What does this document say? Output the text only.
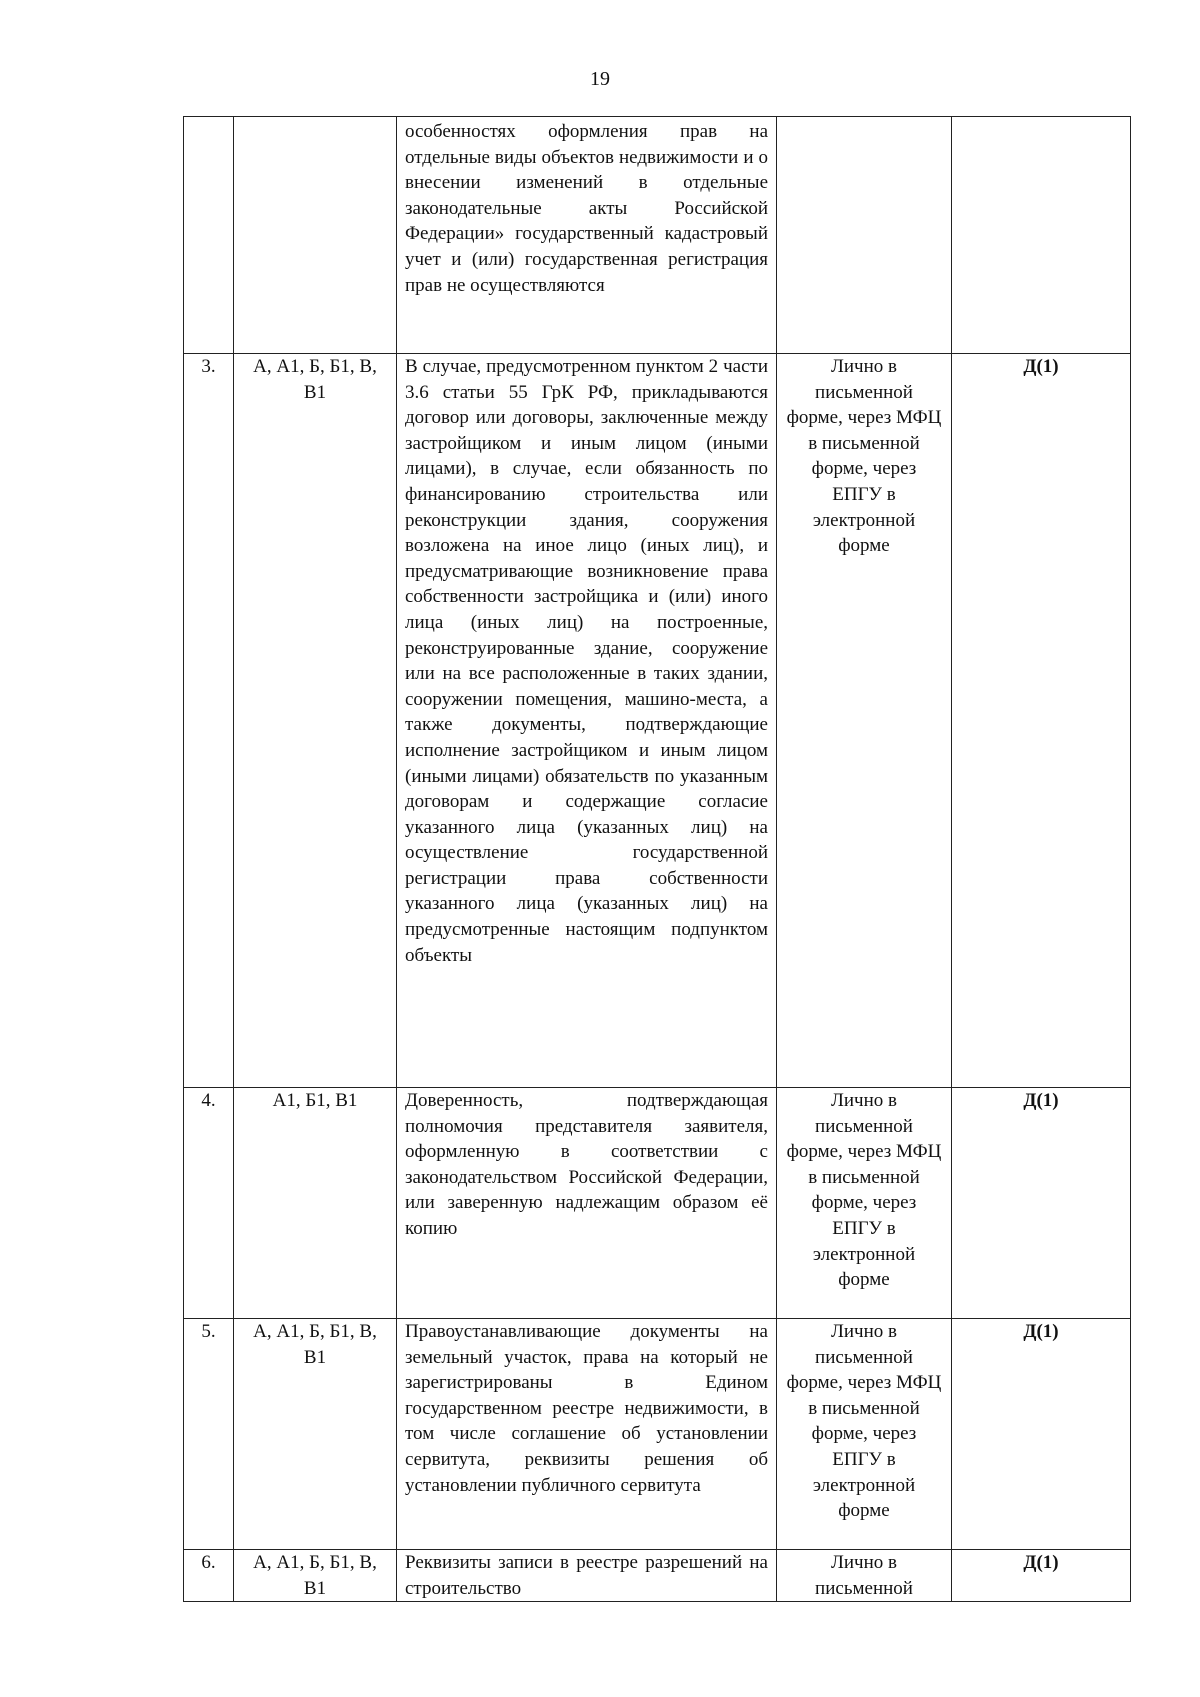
19
		особенностях оформления прав на отдельные виды объектов недвижимости и о внесении изменений в отдельные законодательные акты Российской Федерации» государственный кадастровый учет и (или) государственная регистрация прав не осуществляются		
3.	А, А1, Б, Б1, В, В1	В случае, предусмотренном пунктом 2 части 3.6 статьи 55 ГрК РФ, прикладываются договор или договоры, заключенные между застройщиком и иным лицом (иными лицами), в случае, если обязанность по финансированию строительства или реконструкции здания, сооружения возложена на иное лицо (иных лиц), и предусматривающие возникновение права собственности застройщика и (или) иного лица (иных лиц) на построенные, реконструированные здание, сооружение или на все расположенные в таких здании, сооружении помещения, машино-места, а также документы, подтверждающие исполнение застройщиком и иным лицом (иными лицами) обязательств по указанным договорам и содержащие согласие указанного лица (указанных лиц) на осуществление государственной регистрации права собственности указанного лица (указанных лиц) на предусмотренные настоящим подпунктом объекты	Лично в письменной форме, через МФЦ в письменной форме, через ЕПГУ в электронной форме	Д(1)
4.	А1, Б1, В1	Доверенность, подтверждающая полномочия представителя заявителя, оформленную в соответствии с законодательством Российской Федерации, или заверенную надлежащим образом её копию	Лично в письменной форме, через МФЦ в письменной форме, через ЕПГУ в электронной форме	Д(1)
5.	А, А1, Б, Б1, В, В1	Правоустанавливающие документы на земельный участок, права на который не зарегистрированы в Едином государственном реестре недвижимости, в том числе соглашение об установлении сервитута, реквизиты решения об установлении публичного сервитута	Лично в письменной форме, через МФЦ в письменной форме, через ЕПГУ в электронной форме	Д(1)
6.	А, А1, Б, Б1, В, В1	Реквизиты записи в реестре разрешений на строительство	Лично в письменной	Д(1)
